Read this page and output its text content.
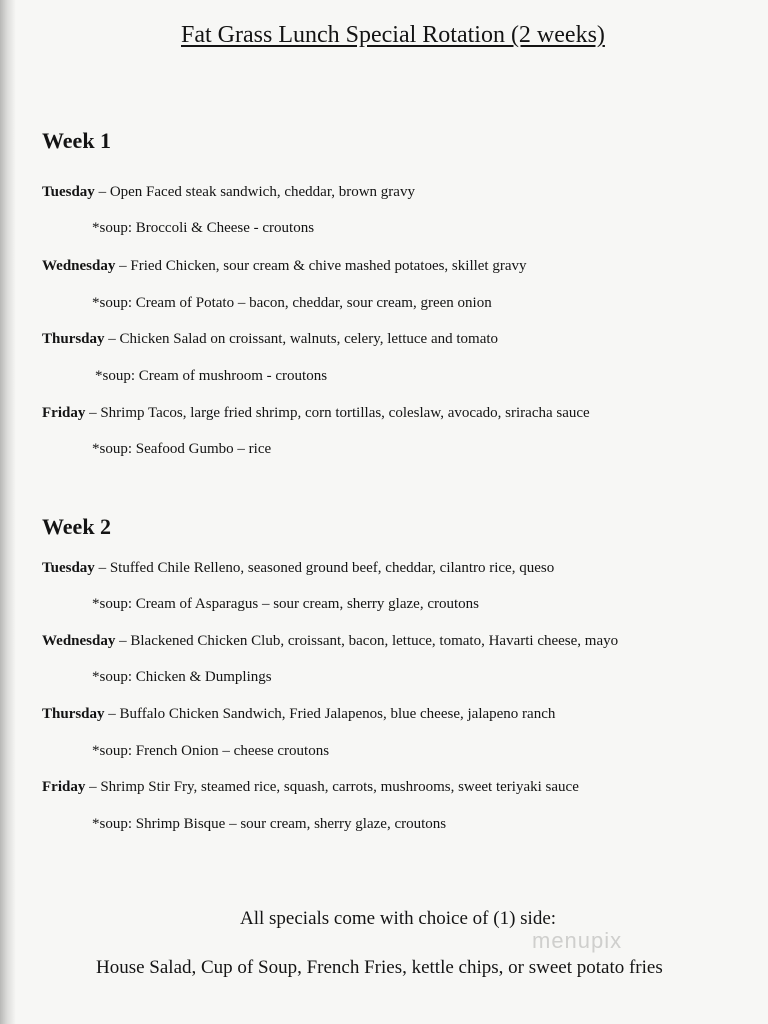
Fat Grass Lunch Special Rotation (2 weeks)
Week 1
Tuesday – Open Faced steak sandwich, cheddar, brown gravy
*soup: Broccoli & Cheese - croutons
Wednesday – Fried Chicken, sour cream & chive mashed potatoes, skillet gravy
*soup: Cream of Potato – bacon, cheddar, sour cream, green onion
Thursday – Chicken Salad on croissant, walnuts, celery, lettuce and tomato
*soup: Cream of mushroom - croutons
Friday – Shrimp Tacos, large fried shrimp, corn tortillas, coleslaw, avocado, sriracha sauce
*soup: Seafood Gumbo – rice
Week 2
Tuesday – Stuffed Chile Relleno, seasoned ground beef, cheddar, cilantro rice, queso
*soup: Cream of Asparagus – sour cream, sherry glaze, croutons
Wednesday – Blackened Chicken Club, croissant, bacon, lettuce, tomato, Havarti cheese, mayo
*soup: Chicken & Dumplings
Thursday – Buffalo Chicken Sandwich, Fried Jalapenos, blue cheese, jalapeno ranch
*soup: French Onion – cheese croutons
Friday – Shrimp Stir Fry, steamed rice, squash, carrots, mushrooms, sweet teriyaki sauce
*soup: Shrimp Bisque – sour cream, sherry glaze, croutons
All specials come with choice of (1) side:
House Salad, Cup of Soup, French Fries, kettle chips, or sweet potato fries
menupix
